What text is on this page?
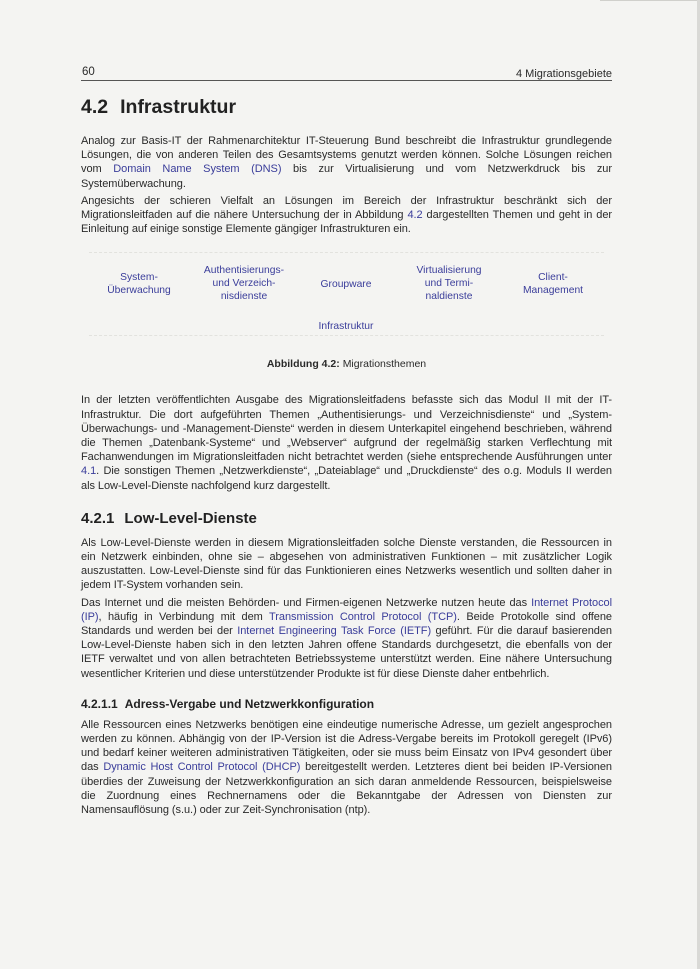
60	4 Migrationsgebiete
4.2 Infrastruktur

Analog zur Basis-IT der Rahmenarchitektur IT-Steuerung Bund beschreibt die Infrastruktur grundlegende Lösungen, die von anderen Teilen des Gesamtsystems genutzt werden können. Solche Lösungen reichen vom Domain Name System (DNS) bis zur Virtualisierung und vom Netzwerkdruck bis zur Systemüberwachung.

Angesichts der schieren Vielfalt an Lösungen im Bereich der Infrastruktur beschränkt sich der Migrationsleitfaden auf die nähere Untersuchung der in Abbildung 4.2 dargestellten Themen und geht in der Einleitung auf einige sonstige Elemente gängiger Infrastrukturen ein.

System-
Überwachung
Authentisierungs-
und Verzeich-
nisdienste
Groupware
Virtualisierung
und Termi-
naldienste
Client-
Management
Infrastruktur
Abbildung 4.2: Migrationsthemen

In der letzten veröffentlichten Ausgabe des Migrationsleitfadens befasste sich das Modul II mit der IT-Infrastruktur. Die dort aufgeführten Themen „Authentisierungs- und Verzeichnisdienste“ und „System-Überwachungs- und -Management-Dienste“ werden in diesem Unterkapitel eingehend beschrieben, während die Themen „Datenbank-Systeme“ und „Webserver“ aufgrund der regelmäßig starken Verflechtung mit Fachanwendungen im Migrationsleitfaden nicht betrachtet werden (siehe entsprechende Ausführungen unter 4.1. Die sonstigen Themen „Netzwerkdienste“, „Dateiablage“ und „Druckdienste“ des o.g. Moduls II werden als Low-Level-Dienste nachfolgend kurz dargestellt.

4.2.1 Low-Level-Dienste

Als Low-Level-Dienste werden in diesem Migrationsleitfaden solche Dienste verstanden, die Ressourcen in ein Netzwerk einbinden, ohne sie – abgesehen von administrativen Funktionen – mit zusätzlicher Logik auszustatten. Low-Level-Dienste sind für das Funktionieren eines Netzwerks wesentlich und sollten daher in jedem IT-System vorhanden sein.

Das Internet und die meisten Behörden- und Firmen-eigenen Netzwerke nutzen heute das Internet Protocol (IP), häufig in Verbindung mit dem Transmission Control Protocol (TCP). Beide Protokolle sind offene Standards und werden bei der Internet Engineering Task Force (IETF) geführt. Für die darauf basierenden Low-Level-Dienste haben sich in den letzten Jahren offene Standards durchgesetzt, die ebenfalls von der IETF verwaltet und von allen betrachteten Betriebssysteme unterstützt werden. Eine nähere Untersuchung wesentlicher Kriterien und diese unterstützender Produkte ist für diese Dienste daher entbehrlich.

4.2.1.1 Adress-Vergabe und Netzwerkkonfiguration

Alle Ressourcen eines Netzwerks benötigen eine eindeutige numerische Adresse, um gezielt angesprochen werden zu können. Abhängig von der IP-Version ist die Adress-Vergabe bereits im Protokoll geregelt (IPv6) und bedarf keiner weiteren administrativen Tätigkeiten, oder sie muss beim Einsatz von IPv4 gesondert über das Dynamic Host Control Protocol (DHCP) bereitgestellt werden. Letzteres dient bei beiden IP-Versionen überdies der Zuweisung der Netzwerkkonfiguration an sich daran anmeldende Ressourcen, beispielsweise die Zuordnung eines Rechnernamens oder die Bekanntgabe der Adressen von Diensten zur Namensauflösung (s.u.) oder zur Zeit-Synchronisation (ntp).
